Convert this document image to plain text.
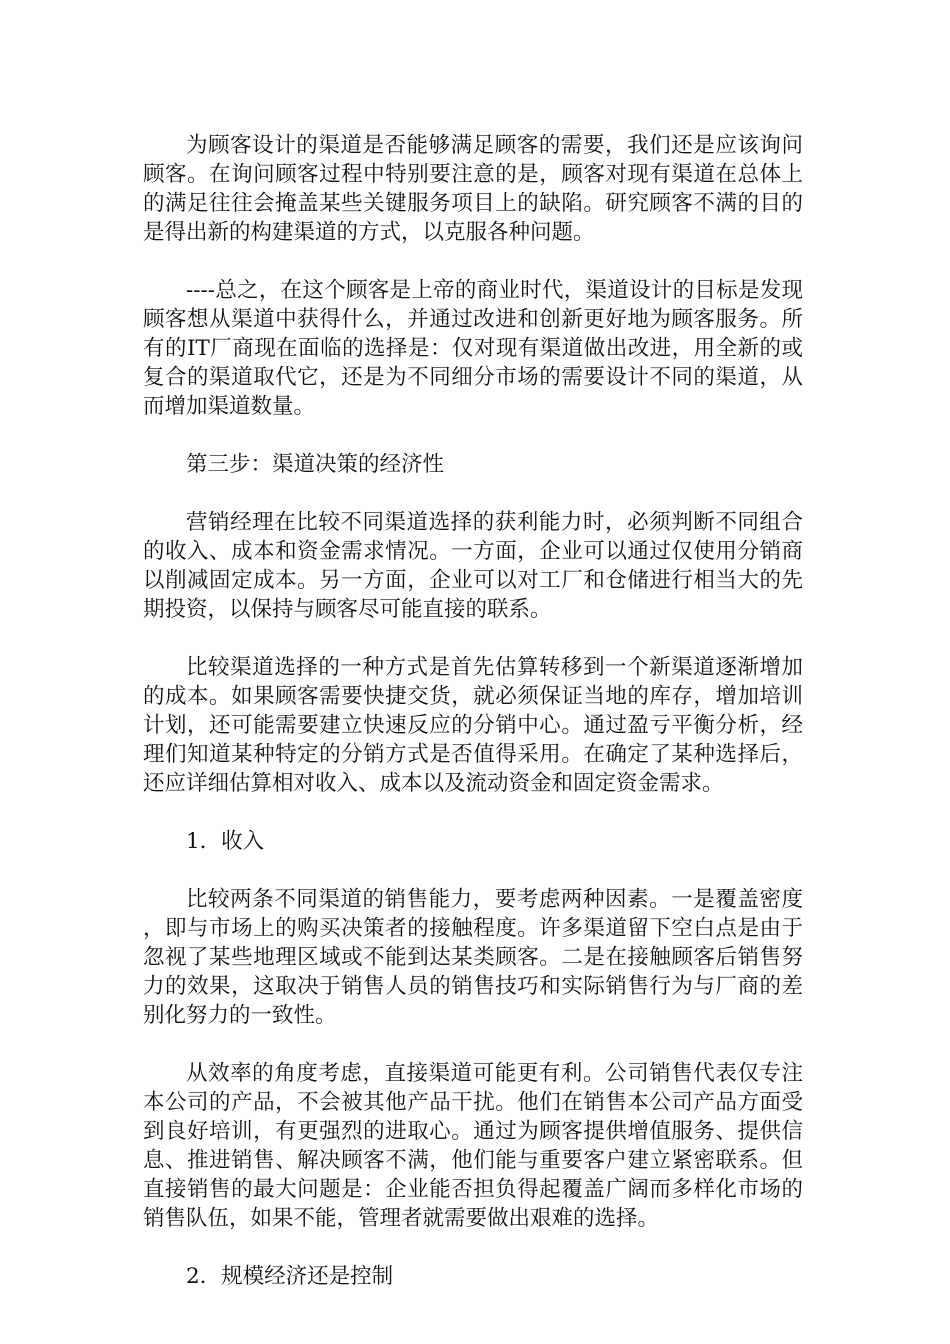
为顾客设计的渠道是否能够满足顾客的需要，我们还是应该询问顾客。在询问顾客过程中特别要注意的是，顾客对现有渠道在总体上的满足往往会掩盖某些关键服务项目上的缺陷。研究顾客不满的目的是得出新的构建渠道的方式，以克服各种问题。

----总之，在这个顾客是上帝的商业时代，渠道设计的目标是发现顾客想从渠道中获得什么，并通过改进和创新更好地为顾客服务。所有的IT厂商现在面临的选择是：仅对现有渠道做出改进，用全新的或复合的渠道取代它，还是为不同细分市场的需要设计不同的渠道，从而增加渠道数量。

第三步：渠道决策的经济性

营销经理在比较不同渠道选择的获利能力时，必须判断不同组合的收入、成本和资金需求情况。一方面，企业可以通过仅使用分销商以削减固定成本。另一方面，企业可以对工厂和仓储进行相当大的先期投资，以保持与顾客尽可能直接的联系。

比较渠道选择的一种方式是首先估算转移到一个新渠道逐渐增加的成本。如果顾客需要快捷交货，就必须保证当地的库存，增加培训计划，还可能需要建立快速反应的分销中心。通过盈亏平衡分析，经理们知道某种特定的分销方式是否值得采用。在确定了某种选择后，还应详细估算相对收入、成本以及流动资金和固定资金需求。

1．收入

比较两条不同渠道的销售能力，要考虑两种因素。一是覆盖密度，即与市场上的购买决策者的接触程度。许多渠道留下空白点是由于忽视了某些地理区域或不能到达某类顾客。二是在接触顾客后销售努力的效果，这取决于销售人员的销售技巧和实际销售行为与厂商的差别化努力的一致性。

从效率的角度考虑，直接渠道可能更有利。公司销售代表仅专注本公司的产品，不会被其他产品干扰。他们在销售本公司产品方面受到良好培训，有更强烈的进取心。通过为顾客提供增值服务、提供信息、推进销售、解决顾客不满，他们能与重要客户建立紧密联系。但直接销售的最大问题是：企业能否担负得起覆盖广阔而多样化市场的销售队伍，如果不能，管理者就需要做出艰难的选择。

2．规模经济还是控制
